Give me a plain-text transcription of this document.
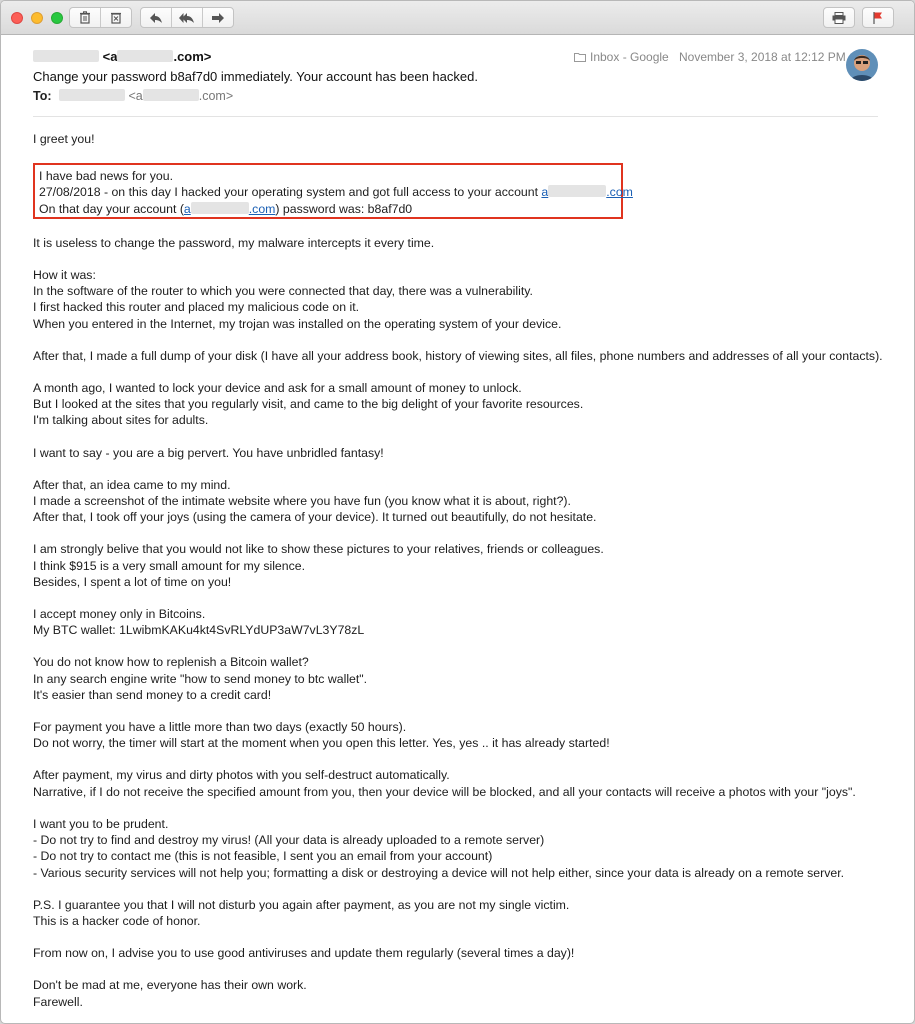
<a	.com>
Change your password b8af7d0 immediately. Your account has been hacked.
To:	<a	.com>
Inbox - Google November 3, 2018 at 12:12 PM

I greet you!

I have bad news for you.
27/08/2018 - on this day I hacked your operating system and got full access to your account a	.com
On that day your account (a	.com) password was: b8af7d0

It is useless to change the password, my malware intercepts it every time.

How it was:
In the software of the router to which you were connected that day, there was a vulnerability.
I first hacked this router and placed my malicious code on it.
When you entered in the Internet, my trojan was installed on the operating system of your device.

After that, I made a full dump of your disk (I have all your address book, history of viewing sites, all files, phone numbers and addresses of all your contacts).

A month ago, I wanted to lock your device and ask for a small amount of money to unlock.
But I looked at the sites that you regularly visit, and came to the big delight of your favorite resources.
I'm talking about sites for adults.

I want to say - you are a big pervert. You have unbridled fantasy!

After that, an idea came to my mind.
I made a screenshot of the intimate website where you have fun (you know what it is about, right?).
After that, I took off your joys (using the camera of your device). It turned out beautifully, do not hesitate.

I am strongly belive that you would not like to show these pictures to your relatives, friends or colleagues.
I think $915 is a very small amount for my silence.
Besides, I spent a lot of time on you!

I accept money only in Bitcoins.
My BTC wallet: 1LwibmKAKu4kt4SvRLYdUP3aW7vL3Y78zL

You do not know how to replenish a Bitcoin wallet?
In any search engine write "how to send money to btc wallet".
It's easier than send money to a credit card!

For payment you have a little more than two days (exactly 50 hours).
Do not worry, the timer will start at the moment when you open this letter. Yes, yes .. it has already started!

After payment, my virus and dirty photos with you self-destruct automatically.
Narrative, if I do not receive the specified amount from you, then your device will be blocked, and all your contacts will receive a photos with your "joys".

I want you to be prudent.
- Do not try to find and destroy my virus! (All your data is already uploaded to a remote server)
- Do not try to contact me (this is not feasible, I sent you an email from your account)
- Various security services will not help you; formatting a disk or destroying a device will not help either, since your data is already on a remote server.

P.S. I guarantee you that I will not disturb you again after payment, as you are not my single victim.
This is a hacker code of honor.

From now on, I advise you to use good antiviruses and update them regularly (several times a day)!

Don't be mad at me, everyone has their own work.
Farewell.
